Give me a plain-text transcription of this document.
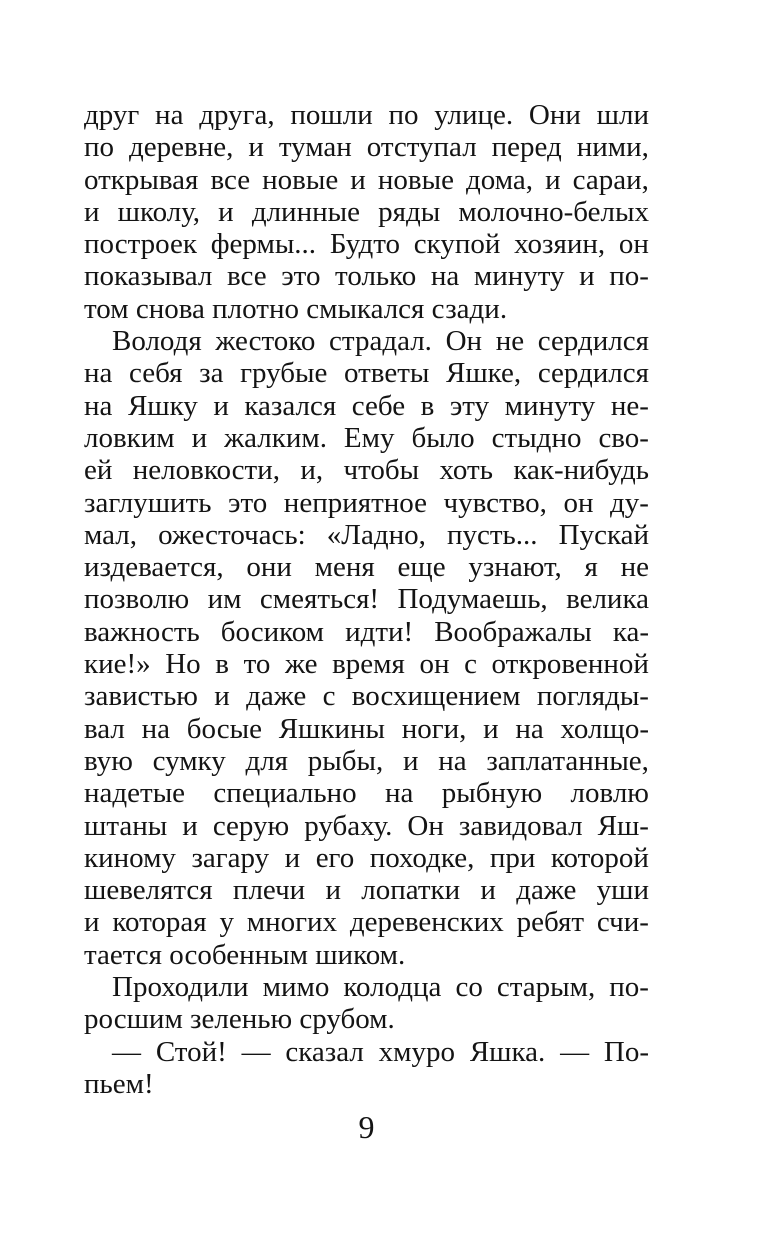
друг на друга, пошли по улице. Они шли
по деревне, и туман отступал перед ними,
открывая все новые и новые дома, и сараи,
и школу, и длинные ряды молочно-белых
построек фермы... Будто скупой хозяин, он
показывал все это только на минуту и по-
том снова плотно смыкался сзади.
Володя жестоко страдал. Он не сердился
на себя за грубые ответы Яшке, сердился
на Яшку и казался себе в эту минуту не-
ловким и жалким. Ему было стыдно сво-
ей неловкости, и, чтобы хоть как-нибудь
заглушить это неприятное чувство, он ду-
мал, ожесточась: «Ладно, пусть... Пускай
издевается, они меня еще узнают, я не
позволю им смеяться! Подумаешь, велика
важность босиком идти! Воображалы ка-
кие!» Но в то же время он с откровенной
завистью и даже с восхищением погляды-
вал на босые Яшкины ноги, и на холщо-
вую сумку для рыбы, и на заплатанные,
надетые специально на рыбную ловлю
штаны и серую рубаху. Он завидовал Яш-
киному загару и его походке, при которой
шевелятся плечи и лопатки и даже уши
и которая у многих деревенских ребят счи-
тается особенным шиком.
Проходили мимо колодца со старым, по-
росшим зеленью срубом.
— Стой! — сказал хмуро Яшка. — По-
пьем!
9
